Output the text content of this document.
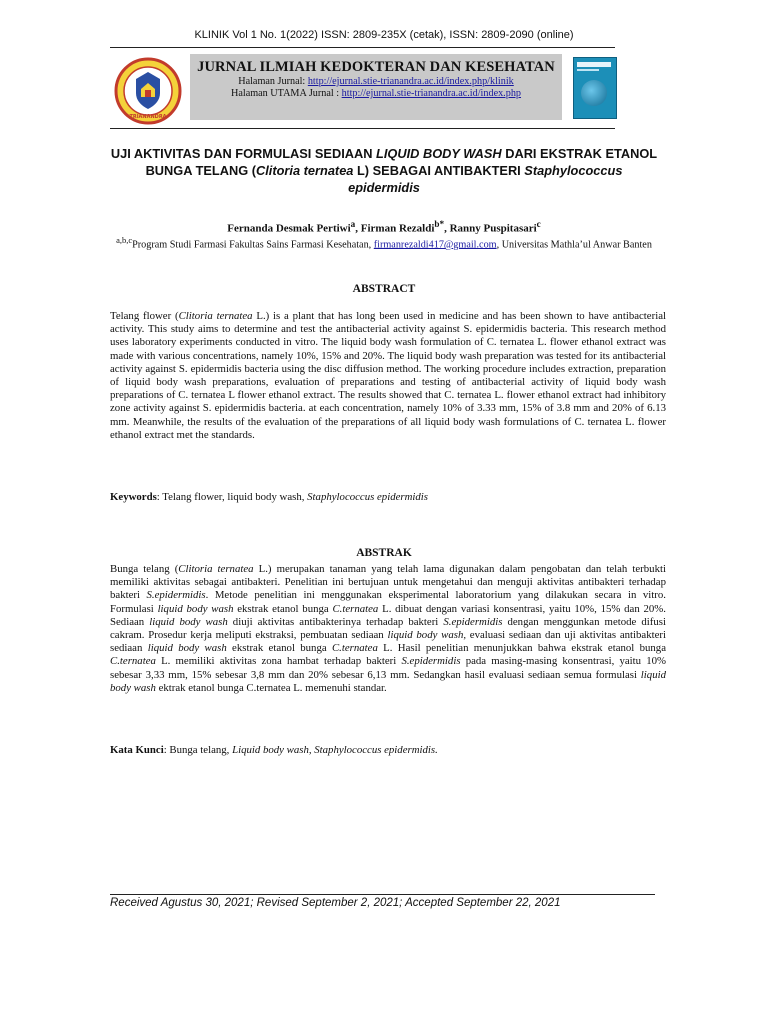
KLINIK Vol 1 No. 1(2022) ISSN: 2809-235X (cetak), ISSN: 2809-2090 (online)
TRIANANDRA
JURNAL ILMIAH KEDOKTERAN DAN KESEHATAN
Halaman Jurnal: http://ejurnal.stie-trianandra.ac.id/index.php/klinik
Halaman UTAMA Jurnal : http://ejurnal.stie-trianandra.ac.id/index.php
UJI AKTIVITAS DAN FORMULASI SEDIAAN LIQUID BODY WASH DARI EKSTRAK ETANOL BUNGA TELANG (Clitoria ternatea L) SEBAGAI ANTIBAKTERI Staphylococcus epidermidis
Fernanda Desmak Pertiwi$^a$, Firman Rezaldi$^{b*}$, Ranny Puspitasari$^c$
$^{a,b,c}$Program Studi Farmasi Fakultas Sains Farmasi Kesehatan, firmanrezaldi417@gmail.com, Universitas Mathla’ul Anwar Banten
ABSTRACT
Telang flower (Clitoria ternatea L.) is a plant that has long been used in medicine and has been shown to have antibacterial activity. This study aims to determine and test the antibacterial activity against S. epidermidis bacteria. This research method uses laboratory experiments conducted in vitro. The liquid body wash formulation of C. ternatea L. flower ethanol extract was made with various concentrations, namely 10%, 15% and 20%. The liquid body wash preparation was tested for its antibacterial activity against S. epidermidis bacteria using the disc diffusion method. The working procedure includes extraction, preparation of liquid body wash preparations, evaluation of preparations and testing of antibacterial activity of liquid body wash preparations of C. ternatea L flower ethanol extract. The results showed that C. ternatea L. flower ethanol extract had inhibitory zone activity against S. epidermidis bacteria. at each concentration, namely 10% of 3.33 mm, 15% of 3.8 mm and 20% of 6.13 mm. Meanwhile, the results of the evaluation of the preparations of all liquid body wash formulations of C. ternatea L. flower ethanol extract met the standards.
Keywords: Telang flower, liquid body wash, Staphylococcus epidermidis
ABSTRAK
Bunga telang (Clitoria ternatea L.) merupakan tanaman yang telah lama digunakan dalam pengobatan dan telah terbukti memiliki aktivitas sebagai antibakteri. Penelitian ini bertujuan untuk mengetahui dan menguji aktivitas antibakteri terhadap bakteri S.epidermidis. Metode penelitian ini menggunakan eksperimental laboratorium yang dilakukan secara in vitro. Formulasi liquid body wash ekstrak etanol bunga C.ternatea L. dibuat dengan variasi konsentrasi, yaitu 10%, 15% dan 20%. Sediaan liquid body wash diuji aktivitas antibakterinya terhadap bakteri S.epidermidis dengan menggunkan metode difusi cakram. Prosedur kerja meliputi ekstraksi, pembuatan sediaan liquid body wash, evaluasi sediaan dan uji aktivitas antibakteri sediaan liquid body wash ekstrak etanol bunga C.ternatea L. Hasil penelitian menunjukkan bahwa ekstrak etanol bunga C.ternatea L. memiliki aktivitas zona hambat terhadap bakteri S.epidermidis pada masing-masing konsentrasi, yaitu 10% sebesar 3,33 mm, 15% sebesar 3,8 mm dan 20% sebesar 6,13 mm. Sedangkan hasil evaluasi sediaan semua formulasi liquid body wash ektrak etanol bunga C.ternatea L. memenuhi standar.
Kata Kunci: Bunga telang, Liquid body wash, Staphylococcus epidermidis.
Received Agustus 30, 2021; Revised September 2, 2021; Accepted September 22, 2021
